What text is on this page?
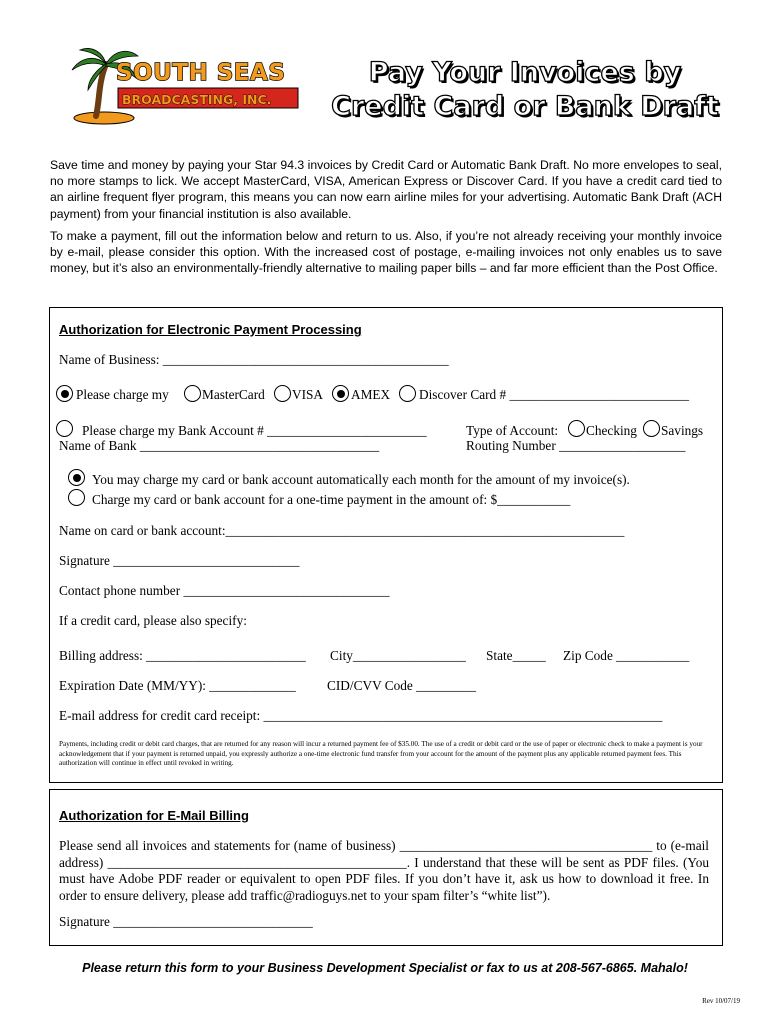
SOUTH SEAS
BROADCASTING, INC.
Pay Your Invoices by
Credit Card or Bank Draft
Save time and money by paying your Star 94.3 invoices by Credit Card or Automatic Bank Draft. No more envelopes to seal, no more stamps to lick. We accept MasterCard, VISA, American Express or Discover Card. If you have a credit card tied to an airline frequent flyer program, this means you can now earn airline miles for your advertising. Automatic Bank Draft (ACH payment) from your financial institution is also available.
To make a payment, fill out the information below and return to us. Also, if you’re not already receiving your monthly invoice by e-mail, please consider this option. With the increased cost of postage, e-mailing invoices not only enables us to save money, but it’s also an environmentally-friendly alternative to mailing paper bills – and far more efficient than the Post Office.
Authorization for Electronic Payment Processing
Name of Business: ___________________________________________
Please charge my MasterCard VISA AMEX Discover Card # ___________________________
Please charge my Bank Account # ________________________
Name of Bank ____________________________________
Type of Account: Checking Savings
Routing Number ___________________
You may charge my card or bank account automatically each month for the amount of my invoice(s).
Charge my card or bank account for a one-time payment in the amount of: $___________
Name on card or bank account:____________________________________________________________
Signature ____________________________
Contact phone number _______________________________
If a credit card, please also specify:
Billing address: ________________________ City_________________ State_____ Zip Code ___________
Expiration Date (MM/YY): _____________ CID/CVV Code _________
E-mail address for credit card receipt: ____________________________________________________________
Payments, including credit or debit card charges, that are returned for any reason will incur a returned payment fee of $35.00. The use of a credit or debit card or the use of paper or electronic check to make a payment is your acknowledgement that if your payment is returned unpaid, you expressly authorize a one-time electronic fund transfer from your account for the amount of the payment plus any applicable returned payment fees. This authorization will continue in effect until revoked in writing.
Authorization for E-Mail Billing
Please send all invoices and statements for (name of business) ______________________________________ to (e-mail address) _____________________________________________. I understand that these will be sent as PDF files. (You must have Adobe PDF reader or equivalent to open PDF files. If you don’t have it, ask us how to download it free. In order to ensure delivery, please add traffic@radioguys.net to your spam filter’s “white list”).
Signature ______________________________
Please return this form to your Business Development Specialist or fax to us at 208-567-6865. Mahalo!
Rev 10/07/19
